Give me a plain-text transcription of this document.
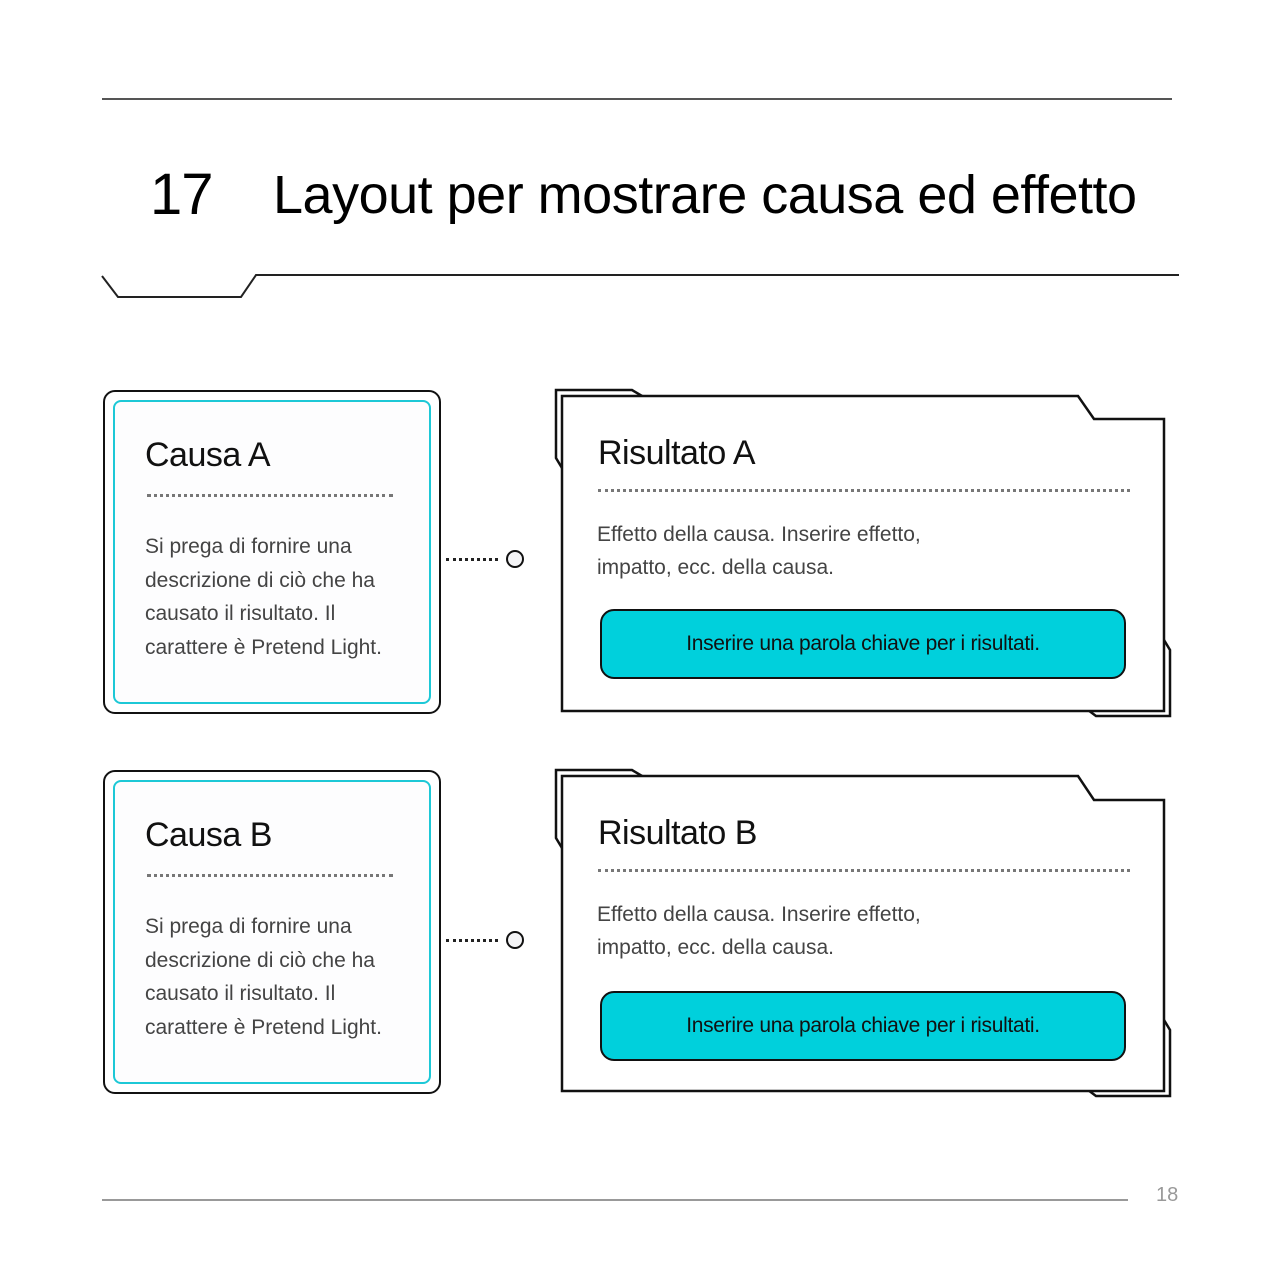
17 Layout per mostrare causa ed effetto
Causa A
Si prega di fornire una descrizione di ciò che ha causato il risultato. Il carattere è Pretend Light.
Risultato A
Effetto della causa. Inserire effetto,
impatto, ecc. della causa.
Inserire una parola chiave per i risultati.
Causa B
Si prega di fornire una descrizione di ciò che ha causato il risultato. Il carattere è Pretend Light.
Risultato B
Effetto della causa. Inserire effetto,
impatto, ecc. della causa.
Inserire una parola chiave per i risultati.
18
